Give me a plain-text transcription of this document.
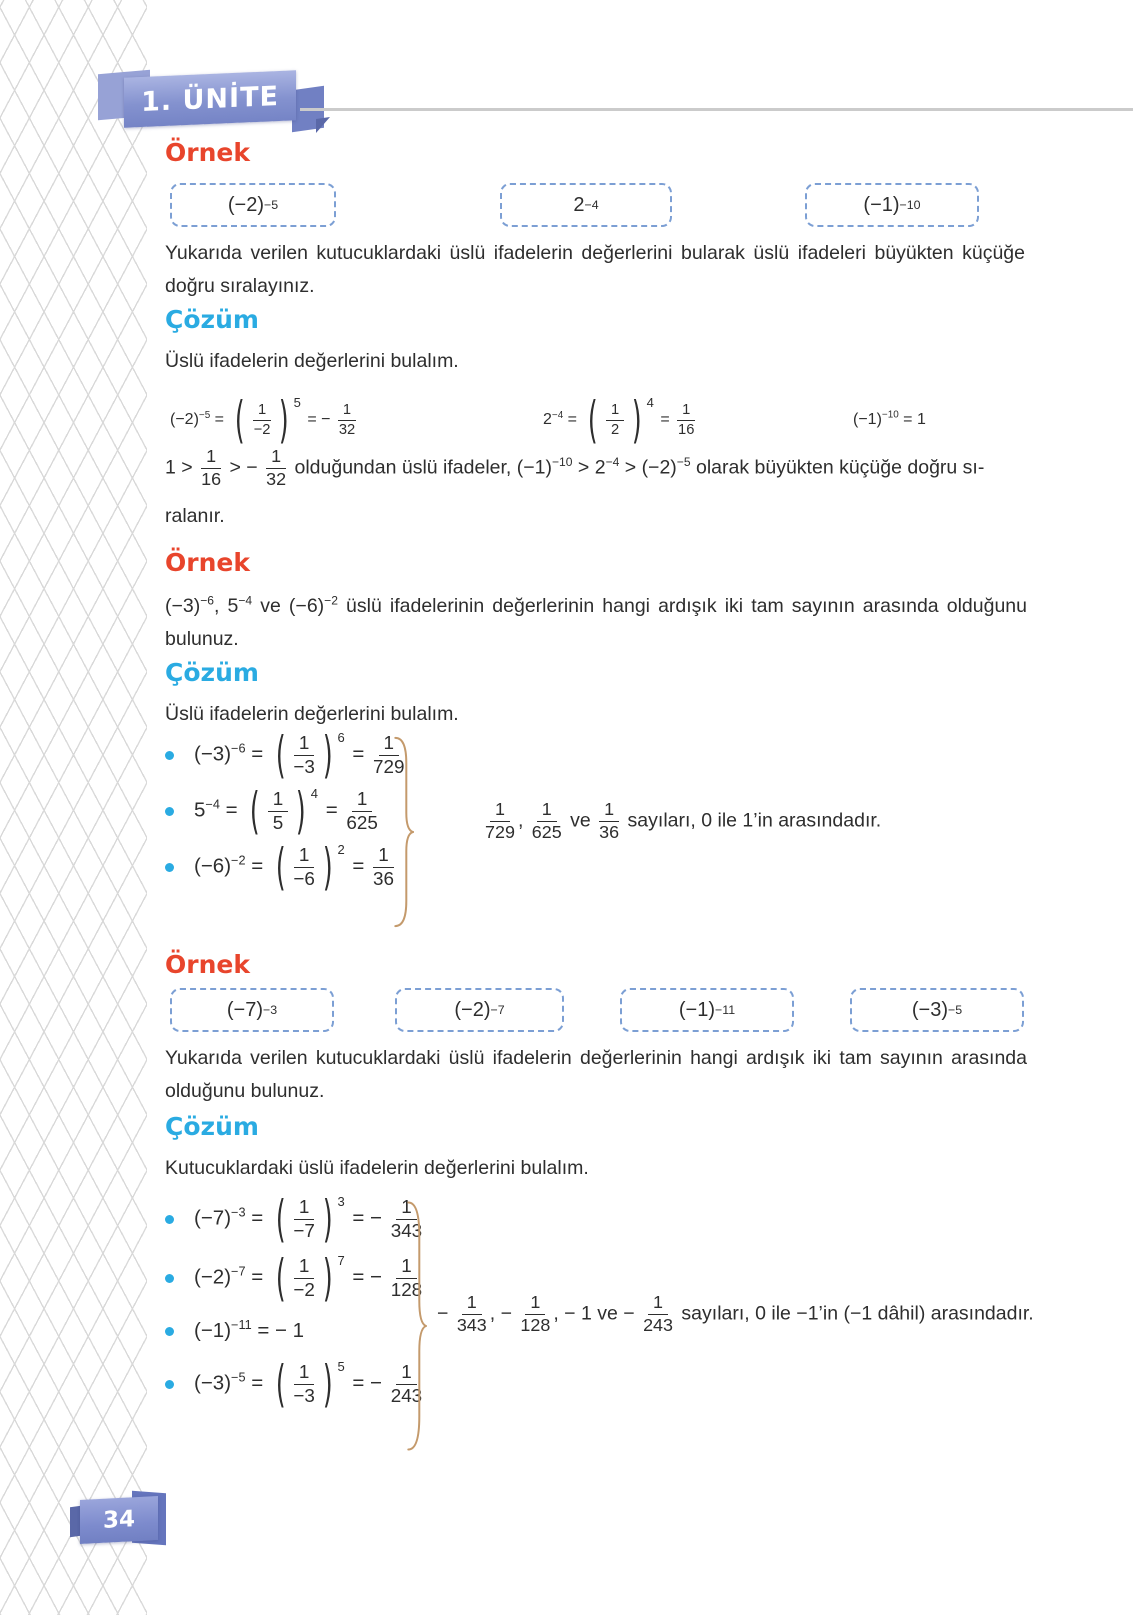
1. ÜNİTE
Örnek
(−2) −5	2 −4	(−1) −10
Yukarıda verilen kutucuklardaki üslü ifadelerin değerlerini bularak üslü ifadeleri büyükten küçüğe doğru sıralayınız.
Çözüm
Üslü ifadelerin değerlerini bulalım.
$(-2)^{-5}$ = ( $\frac{1}{-2}$ ) 5
= − $\frac{1}{32}$	$2^{-4}$ = ( $\frac{1}{2}$ ) 4
= $\frac{1}{16}$	$(-1)^{-10} = 1$
$1 > \frac{1}{16}$ > − $\frac{1}{32}$ olduğundan üslü ifadeler, $(-1)^{-10} > 2^{-4} > (-2)^{-5}$ olarak büyükten küçüğe doğru sı-
ralanır.
Örnek
$(-3)^{-6}$, $5^{-4}$ ve $(-6)^{-2}$ üslü ifadelerinin değerlerinin hangi ardışık iki tam sayının arasında olduğunu bulunuz.
Çözüm
Üslü ifadelerin değerlerini bulalım.
$(-3)^{-6}$ = ( $\frac{1}{-3}$ ) 6
= $\frac{1}{729}$
$5^{-4}$ = ( $\frac{1}{5}$ ) 4
= $\frac{1}{625}$
$(-6)^{-2}$ = ( $\frac{1}{-6}$ ) 2
= $\frac{1}{36}$
$\frac{1}{729}$ , $\frac{1}{625}$ ve $\frac{1}{36}$ sayıları, 0 ile 1’in arasındadır.
Örnek
(−7) −3	(−2) −7	(−1) −11	(−3) −5
Yukarıda verilen kutucuklardaki üslü ifadelerin değerlerinin hangi ardışık iki tam sayının arasında olduğunu bulunuz.
Çözüm
Kutucuklardaki üslü ifadelerin değerlerini bulalım.
$(-7)^{-3}$ = ( $\frac{1}{-7}$ ) 3
= − $\frac{1}{343}$
$(-2)^{-7}$ = ( $\frac{1}{-2}$ ) 7
= − $\frac{1}{128}$
$(-1)^{-11}$ = − 1
$(-3)^{-5}$ = ( $\frac{1}{-3}$ ) 5
= − $\frac{1}{243}$
− $\frac{1}{343}$ , − $\frac{1}{128}$ , − 1 ve − $\frac{1}{243}$ sayıları, 0 ile −1’in (−1 dâhil) arasındadır.
34
